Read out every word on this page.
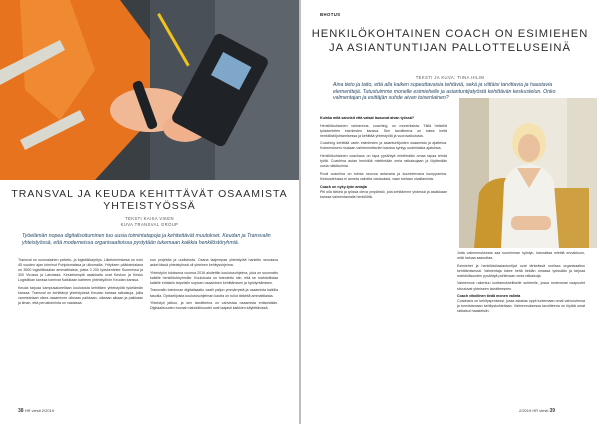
TRANSVAL JA KEUDA KEHITTÄVÄT OSAAMISTA YHTEISTYÖSSÄ
TEKSTI KAISA VIKEN
KUVA TRANSVAL GROUP
Työelämän nopea digitalisoituminen tuo uusia toimintatapoja ja kehitettävät muutokset. Keudan ja Transvalin yhteistyössä, että moderneissa organisaatioissa pystytään tukemaan kaikkia henkilöstöryhmiä.

Transval on suomalainen palvelu- ja logistiikkayritys. Liiketoimintansa on noin 45 vuoden ajan toiminut Pohjoismaissa ja ulkomailla. Yrityksen päätoimialana on 3500 logistiikkaalan ammattilaista, joista 3 200 työskentelee Suomessa ja 300 Virossa ja Latviassa. Keskeisimpiä asiakkaita ovat Keskon ja Kesko Logistiikan kanssa toimivat Kaikkiaan kahteen yhteistyöhön Keudan kanssa.

Keuda tarjoaa kampusalueellaan koulutusta kehittäen yhteistyötä työelämän kanssa. Transval on kehittänyt yhteistyössä Keudan kanssa ratkaisuja, joilla varmistetaan oikea osaaminen oikeaan paikkaan, oikeaan aikaan ja paikkaan ja ilman, että perustoiminta on vaarassa.

sun projektia ja uudistusta. Osana laajempaa yhteistyötä hankittu seuraava askel tässä yhteistyössä oli yhteinen kehitysohjelma.

Yhteistyön tuloksena vuonna 2016 aloitettiin koulutusohjelma, joka on suunnattu kaikille henkilöstöryhmille. Koulutusta on toteutettu niin, että se mahdollistaa kaikille erilaisiin tarpeisiin sopivan osaamisen kehittämisen ja hyödyntämisen.

Transvalin toiminnan digitalisaatio vaatii paljon ymmärrystä ja osaamista kaikilla tasoilla. Opiskelijoista koulutusohjelman kautta on tullut tärkeitä ammattilaisia.

Yhteistyö jatkuu, ja sen tavoitteena on vahvistaa osaamista entisestään. Digitaalisuuden tuomat mahdollisuudet ovat laajasti kaikkien käytettävissä.

38 HR viesti 2/2019
BHOTUS
HENKILÖKOHTAINEN COACH ON ESIMIEHEN JA ASIANTUNTIJAN PALLOTTELUSEINÄ
TEKSTI JA KUVA: TIINA HILIM
Aina tieto ja taito, että alla kaiken sopeuttavaisia tehtäviä, sekä ja viittäisi tarvittavia ja haastavia elementtejä. Tutustuimme monelle esimiehelle ja asiantuntijatyöstä kehittävän keskustelun. Onko valmentajan ja esittäjän suhde aivan toisenlainen?

Kuinka mitä sanoisit että vatsat lausuvat aivan työssä?

Henkilökohtainen valmennus, coaching, on monenlaista. Tällä hetkellä työskentelen esimiesten kanssa. Sen tavoitteena on tukea heitä henkilöstöjohtamisessa ja kehittää yhteistyötä ja vuorovaikutusta.

Coaching kehittää usein esimiesten ja asiantuntijoiden osaamista ja ajattelua. Kokemukseni mukaan valmennettavien kanssa syntyy uudenlaisia ajatuksia.

Henkilökohtainen coachaus on tapa pysähtyä miettimään omaa tapaa tehdä työtä. Coachina autan henkilöä miettimään omia ratkaisujaan ja löytämään uusia näkökulmia.

Rooli coachina on toimia neuvoa antavana ja kuuntelevana kumppanina. Keskustelussa ei anneta valmiita vastauksia, vaan tuetaan oivaltamista.

Coach on nyky-työn antajia

Piti olla tärkeä ja työssä oleva ympäristö, jota kehitämme yhdessä ja asiakkaan kanssa valmentamalla henkilöitä.

Jotta valmennuksesta saa suurimman hyödyn, kannattaa miettiä ennakkoon, mitä haluaa saavuttaa.

Esimiehet ja henkilöstöasiantuntijat ovat tärkeässä roolissa organisaation kehittämisessä. Valmentaja tukee heitä heidän omassa työssään ja tarjoaa mahdollisuuden pysähtyä pohtimaan omia ratkaisuja.

Valmennus rakentuu luottamukselliselle suhteelle, jossa molemmat osapuolet sitoutuvat yhteiseen tavoitteeseen.

Coach vihollinen tiedä monen valinta

Coachaus on kehitysprosessi, jossa asiakas oppii tuntemaan omat vahvuutensa ja tunnistamaan kehityskohteitaan. Valmennuksessa tavoitteena on löytää omat ratkaisut haasteisiin.

2/2019 HR viesti 39
